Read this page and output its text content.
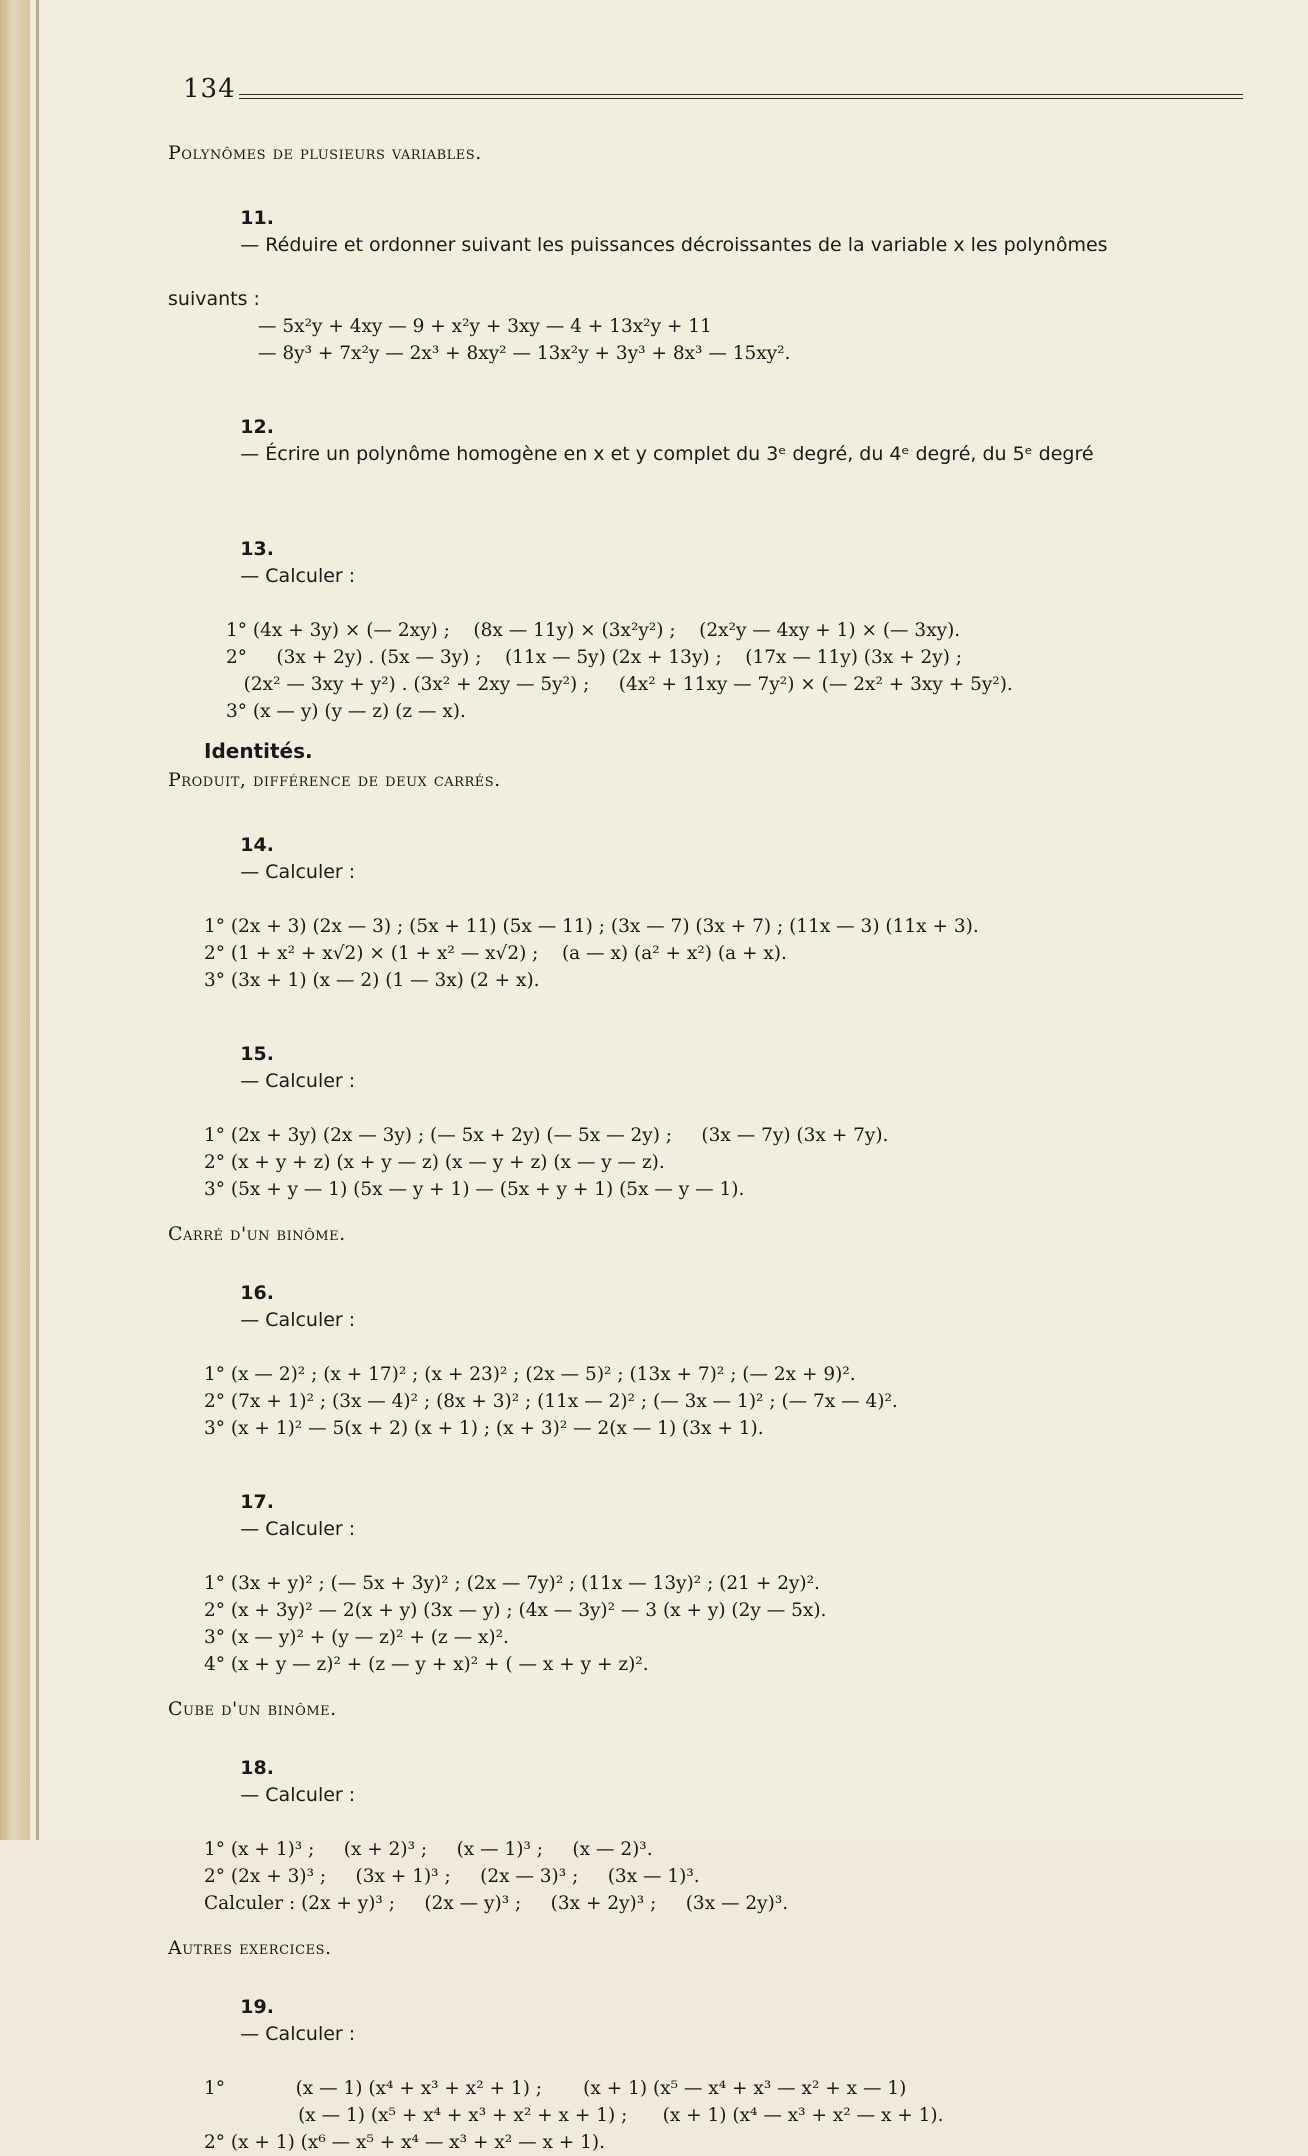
134

Polynômes de plusieurs variables.

11.
— Réduire et ordonner suivant les puissances décroissantes de la variable x les polynômes

suivants :
— 5x²y + 4xy — 9 + x²y + 3xy — 4 + 13x²y + 11
— 8y³ + 7x²y — 2x³ + 8xy² — 13x²y + 3y³ + 8x³ — 15xy².

12.
— Écrire un polynôme homogène en x et y complet du 3ᵉ degré, du 4ᵉ degré, du 5ᵉ degré

13.
— Calculer :

1° (4x + 3y) × (— 2xy) ;    (8x — 11y) × (3x²y²) ;    (2x²y — 4xy + 1) × (— 3xy).
2°     (3x + 2y) . (5x — 3y) ;    (11x — 5y) (2x + 13y) ;    (17x — 11y) (3x + 2y) ;
(2x² — 3xy + y²) . (3x² + 2xy — 5y²) ;     (4x² + 11xy — 7y²) × (— 2x² + 3xy + 5y²).
3° (x — y) (y — z) (z — x).

Identités.

Produit, différence de deux carrés.

14.
— Calculer :

1° (2x + 3) (2x — 3) ; (5x + 11) (5x — 11) ; (3x — 7) (3x + 7) ; (11x — 3) (11x + 3).
2° (1 + x² + x√2) × (1 + x² — x√2) ;    (a — x) (a² + x²) (a + x).
3° (3x + 1) (x — 2) (1 — 3x) (2 + x).

15.
— Calculer :

1° (2x + 3y) (2x — 3y) ; (— 5x + 2y) (— 5x — 2y) ;     (3x — 7y) (3x + 7y).
2° (x + y + z) (x + y — z) (x — y + z) (x — y — z).
3° (5x + y — 1) (5x — y + 1) — (5x + y + 1) (5x — y — 1).

Carré d'un binôme.

16.
— Calculer :

1° (x — 2)² ; (x + 17)² ; (x + 23)² ; (2x — 5)² ; (13x + 7)² ; (— 2x + 9)².
2° (7x + 1)² ; (3x — 4)² ; (8x + 3)² ; (11x — 2)² ; (— 3x — 1)² ; (— 7x — 4)².
3° (x + 1)² — 5(x + 2) (x + 1) ; (x + 3)² — 2(x — 1) (3x + 1).

17.
— Calculer :

1° (3x + y)² ; (— 5x + 3y)² ; (2x — 7y)² ; (11x — 13y)² ; (21 + 2y)².
2° (x + 3y)² — 2(x + y) (3x — y) ; (4x — 3y)² — 3 (x + y) (2y — 5x).
3° (x — y)² + (y — z)² + (z — x)².
4° (x + y — z)² + (z — y + x)² + ( — x + y + z)².

Cube d'un binôme.

18.
— Calculer :

1° (x + 1)³ ;     (x + 2)³ ;     (x — 1)³ ;     (x — 2)³.
2° (2x + 3)³ ;     (3x + 1)³ ;     (2x — 3)³ ;     (3x — 1)³.
Calculer : (2x + y)³ ;     (2x — y)³ ;     (3x + 2y)³ ;     (3x — 2y)³.

Autres exercices.

19.
— Calculer :

1°            (x — 1) (x⁴ + x³ + x² + 1) ;       (x + 1) (x⁵ — x⁴ + x³ — x² + x — 1)
(x — 1) (x⁵ + x⁴ + x³ + x² + x + 1) ;      (x + 1) (x⁴ — x³ + x² — x + 1).
2° (x + 1) (x⁶ — x⁵ + x⁴ — x³ + x² — x + 1).
